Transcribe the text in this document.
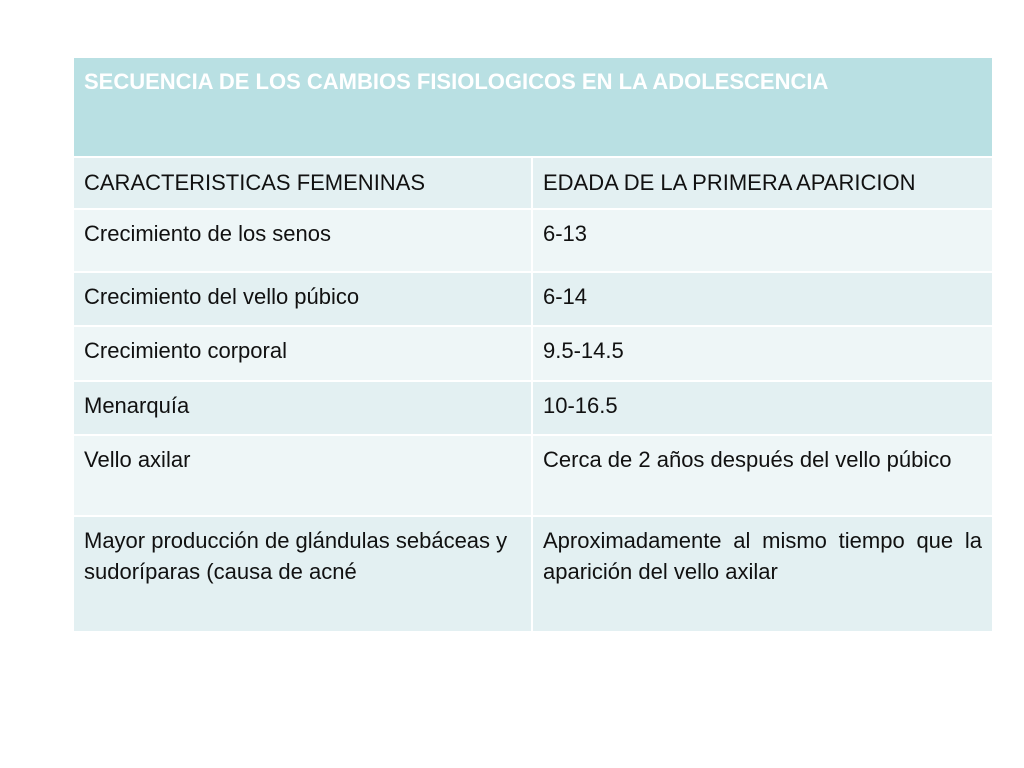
SECUENCIA DE LOS CAMBIOS FISIOLOGICOS EN LA ADOLESCENCIA	
CARACTERISTICAS FEMENINAS	EDADA DE LA PRIMERA APARICION
Crecimiento de los senos	6-13
Crecimiento del vello púbico	6-14
Crecimiento corporal	9.5-14.5
Menarquía	10-16.5
Vello axilar	Cerca de 2 años después del vello púbico
Mayor producción de glándulas sebáceas y sudoríparas (causa de acné	Aproximadamente al mismo tiempo que la aparición del vello axilar
